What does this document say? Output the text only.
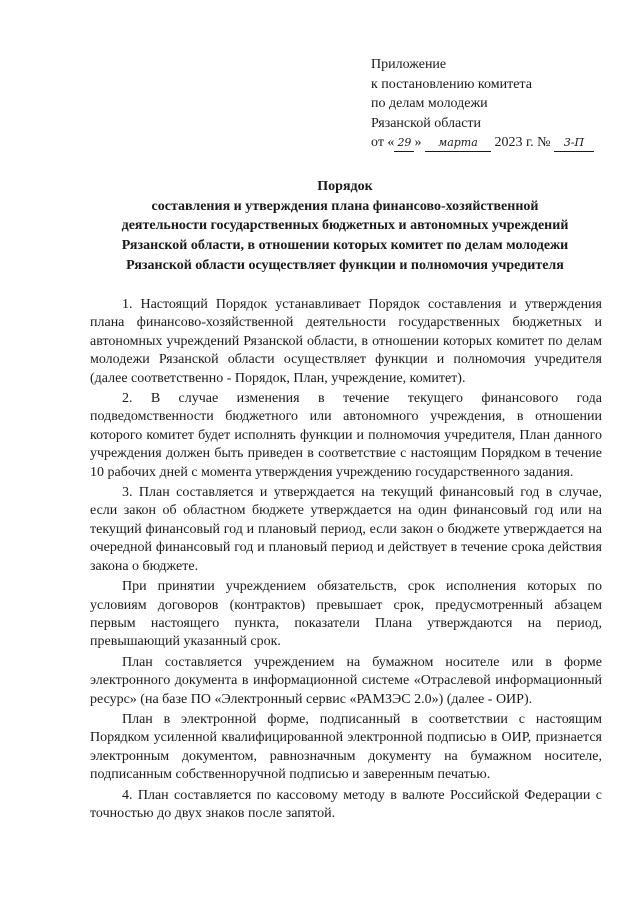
Приложение
к постановлению комитета
по делам молодежи
Рязанской области
от « 29 » марта 2023 г. № 3-П
Порядок
составления и утверждения плана финансово-хозяйственной
деятельности государственных бюджетных и автономных учреждений
Рязанской области, в отношении которых комитет по делам молодежи
Рязанской области осуществляет функции и полномочия учредителя

1. Настоящий Порядок устанавливает Порядок составления и утверждения плана финансово-хозяйственной деятельности государственных бюджетных и автономных учреждений Рязанской области, в отношении которых комитет по делам молодежи Рязанской области осуществляет функции и полномочия учредителя (далее соответственно - Порядок, План, учреждение, комитет).

2. В случае изменения в течение текущего финансового года подведомственности бюджетного или автономного учреждения, в отношении которого комитет будет исполнять функции и полномочия учредителя, План данного учреждения должен быть приведен в соответствие с настоящим Порядком в течение 10 рабочих дней с момента утверждения учреждению государственного задания.

3. План составляется и утверждается на текущий финансовый год в случае, если закон об областном бюджете утверждается на один финансовый год или на текущий финансовый год и плановый период, если закон о бюджете утверждается на очередной финансовый год и плановый период и действует в течение срока действия закона о бюджете.

При принятии учреждением обязательств, срок исполнения которых по условиям договоров (контрактов) превышает срок, предусмотренный абзацем первым настоящего пункта, показатели Плана утверждаются на период, превышающий указанный срок.

План составляется учреждением на бумажном носителе или в форме электронного документа в информационной системе «Отраслевой информационный ресурс» (на базе ПО «Электронный сервис «РАМЗЭС 2.0») (далее - ОИР).

План в электронной форме, подписанный в соответствии с настоящим Порядком усиленной квалифицированной электронной подписью в ОИР, признается электронным документом, равнозначным документу на бумажном носителе, подписанным собственноручной подписью и заверенным печатью.

4. План составляется по кассовому методу в валюте Российской Федерации с точностью до двух знаков после запятой.
